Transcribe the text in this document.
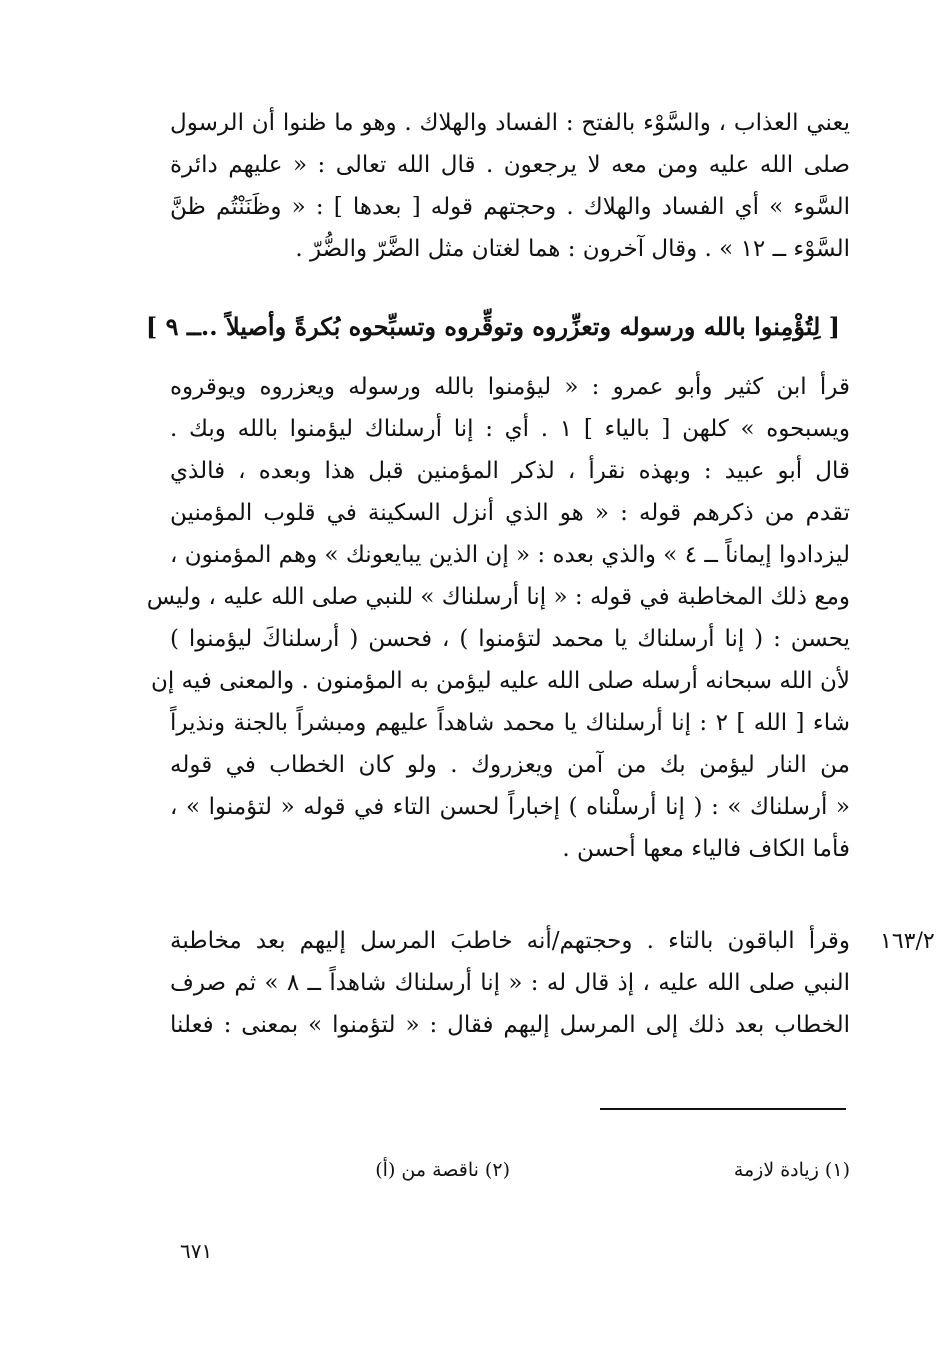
يعني العذاب ، والسَّوْء بالفتح : الفساد والهلاك . وهو ما ظنوا أن الرسول
صلى الله عليه ومن معه لا يرجعون . قال الله تعالى : « عليهم دائرة
السَّوء » أي الفساد والهلاك . وحجتهم قوله [ بعدها ] : « وظَنَنْتُم ظنَّ
السَّوْء ــ ١٢ » . وقال آخرون : هما لغتان مثل الضَّرّ والضُّرّ .
[ لِتُؤْمِنوا بالله ورسوله وتعزِّروه وتوقِّروه وتسبِّحوه بُكرةً وأصيلاً ..ــ ٩ ]
قرأ ابن كثير وأبو عمرو : « ليؤمنوا بالله ورسوله ويعزروه ويوقروه
ويسبحوه » كلهن [ بالياء ] ١ . أي : إنا أرسلناك ليؤمنوا بالله وبك .
قال أبو عبيد : وبهذه نقرأ ، لذكر المؤمنين قبل هذا وبعده ، فالذي
تقدم من ذكرهم قوله : « هو الذي أنزل السكينة في قلوب المؤمنين
ليزدادوا إيماناً ــ ٤ » والذي بعده : « إن الذين يبايعونك » وهم المؤمنون ،
ومع ذلك المخاطبة في قوله : « إنا أرسلناك » للنبي صلى الله عليه ، وليس
يحسن : ( إنا أرسلناك يا محمد لتؤمنوا ) ، فحسن ( أرسلناكَ ليؤمنوا )
لأن الله سبحانه أرسله صلى الله عليه ليؤمن به المؤمنون . والمعنى فيه إن
شاء [ الله ] ٢ : إنا أرسلناك يا محمد شاهداً عليهم ومبشراً بالجنة ونذيراً
من النار ليؤمن بك من آمن ويعزروك . ولو كان الخطاب في قوله
« أرسلناك » : ( إنا أرسلْناه ) إخباراً لحسن التاء في قوله « لتؤمنوا » ،
فأما الكاف فالياء معها أحسن .
١٦٣/٢
وقرأ الباقون بالتاء . وحجتهم/أنه خاطبَ المرسل إليهم بعد مخاطبة
النبي صلى الله عليه ، إذ قال له : « إنا أرسلناك شاهداً ــ ٨ » ثم صرف
الخطاب بعد ذلك إلى المرسل إليهم فقال : « لتؤمنوا » بمعنى : فعلنا
(١) زيادة لازمة
(٢) ناقصة من (أ)
٦٧١
